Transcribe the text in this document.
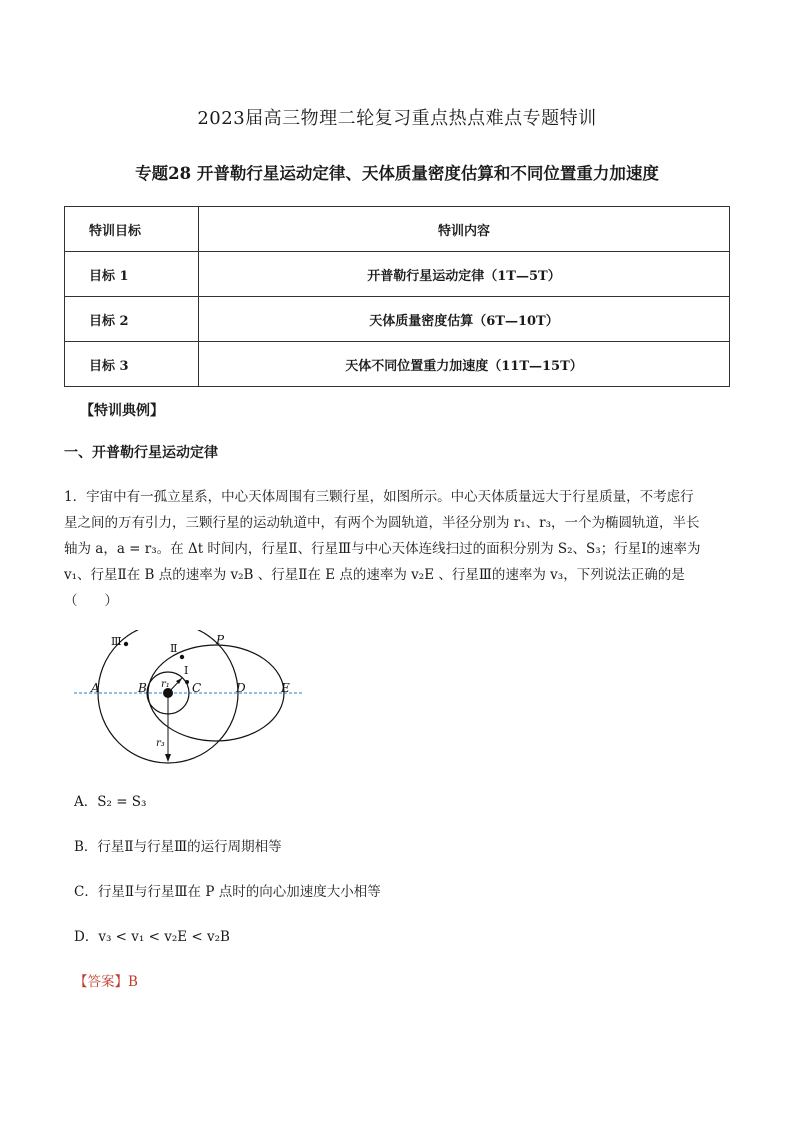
2023届高三物理二轮复习重点热点难点专题特训
专题28 开普勒行星运动定律、天体质量密度估算和不同位置重力加速度
特训目标	特训内容
目标 1	开普勒行星运动定律（1T—5T）
目标 2	天体质量密度估算（6T—10T）
目标 3	天体不同位置重力加速度（11T—15T）
【特训典例】
一、开普勒行星运动定律
1．宇宙中有一孤立星系，中心天体周围有三颗行星，如图所示。中心天体质量远大于行星质量，不考虑行
星之间的万有引力，三颗行星的运动轨道中，有两个为圆轨道，半径分别为 r₁、r₃，一个为椭圆轨道，半长
轴为 a，a = r₃。在 Δt 时间内，行星Ⅱ、行星Ⅲ与中心天体连线扫过的面积分别为 S₂、S₃；行星Ⅰ的速率为
v₁、行星Ⅱ在 B 点的速率为 v₂B 、行星Ⅱ在 E 点的速率为 v₂E 、行星Ⅲ的速率为 v₃，下列说法正确的是（　　）
A	B	C	D	E
P
Ⅰ
Ⅱ
Ⅲ
r₁
r₃
A．S₂ = S₃
B．行星Ⅱ与行星Ⅲ的运行周期相等
C．行星Ⅱ与行星Ⅲ在 P 点时的向心加速度大小相等
D．v₃ < v₁ < v₂E < v₂B
【答案】B
